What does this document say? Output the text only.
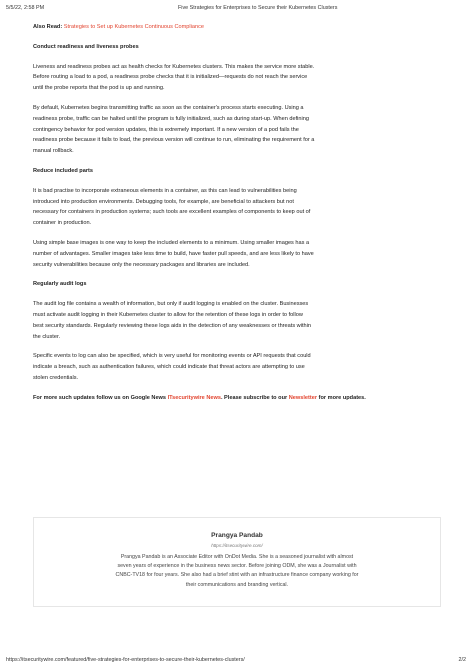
5/5/22, 2:58 PM	Five Strategies for Enterprises to Secure their Kubernetes Clusters

Also Read: Strategies to Set up Kubernetes Continuous Compliance

Conduct readiness and liveness probes

Liveness and readiness probes act as health checks for Kubernetes clusters. This makes the service more stable.

Before routing a load to a pod, a readiness probe checks that it is initialized—requests do not reach the service

until the probe reports that the pod is up and running.

By default, Kubernetes begins transmitting traffic as soon as the container's process starts executing. Using a

readiness probe, traffic can be halted until the program is fully initialized, such as during start-up. When defining

contingency behavior for pod version updates, this is extremely important. If a new version of a pod fails the

readiness probe because it fails to load, the previous version will continue to run, eliminating the requirement for a

manual rollback.

Reduce included parts

It is bad practise to incorporate extraneous elements in a container, as this can lead to vulnerabilities being

introduced into production environments. Debugging tools, for example, are beneficial to attackers but not

necessary for containers in production systems; such tools are excellent examples of components to keep out of

container in production.

Using simple base images is one way to keep the included elements to a minimum. Using smaller images has a

number of advantages. Smaller images take less time to build, have faster pull speeds, and are less likely to have

security vulnerabilities because only the necessary packages and libraries are included.

Regularly audit logs

The audit log file contains a wealth of information, but only if audit logging is enabled on the cluster. Businesses

must activate audit logging in their Kubernetes cluster to allow for the retention of these logs in order to follow

best security standards. Regularly reviewing these logs aids in the detection of any weaknesses or threats within

the cluster.

Specific events to log can also be specified, which is very useful for monitoring events or API requests that could

indicate a breach, such as authentication failures, which could indicate that threat actors are attempting to use

stolen credentials.

For more such updates follow us on Google News ITsecuritywire News. Please subscribe to our Newsletter for more updates.

Prangya Pandab
https://itsecuritywire.com/
Prangya Pandab is an Associate Editor with OnDot Media. She is a seasoned journalist with almost
seven years of experience in the business news sector. Before joining ODM, she was a Journalist with
CNBC-TV18 for four years. She also had a brief stint with an infrastructure finance company working for
their communications and branding vertical.
https://itsecuritywire.com/featured/five-strategies-for-enterprises-to-secure-their-kubernetes-clusters/	2/2
